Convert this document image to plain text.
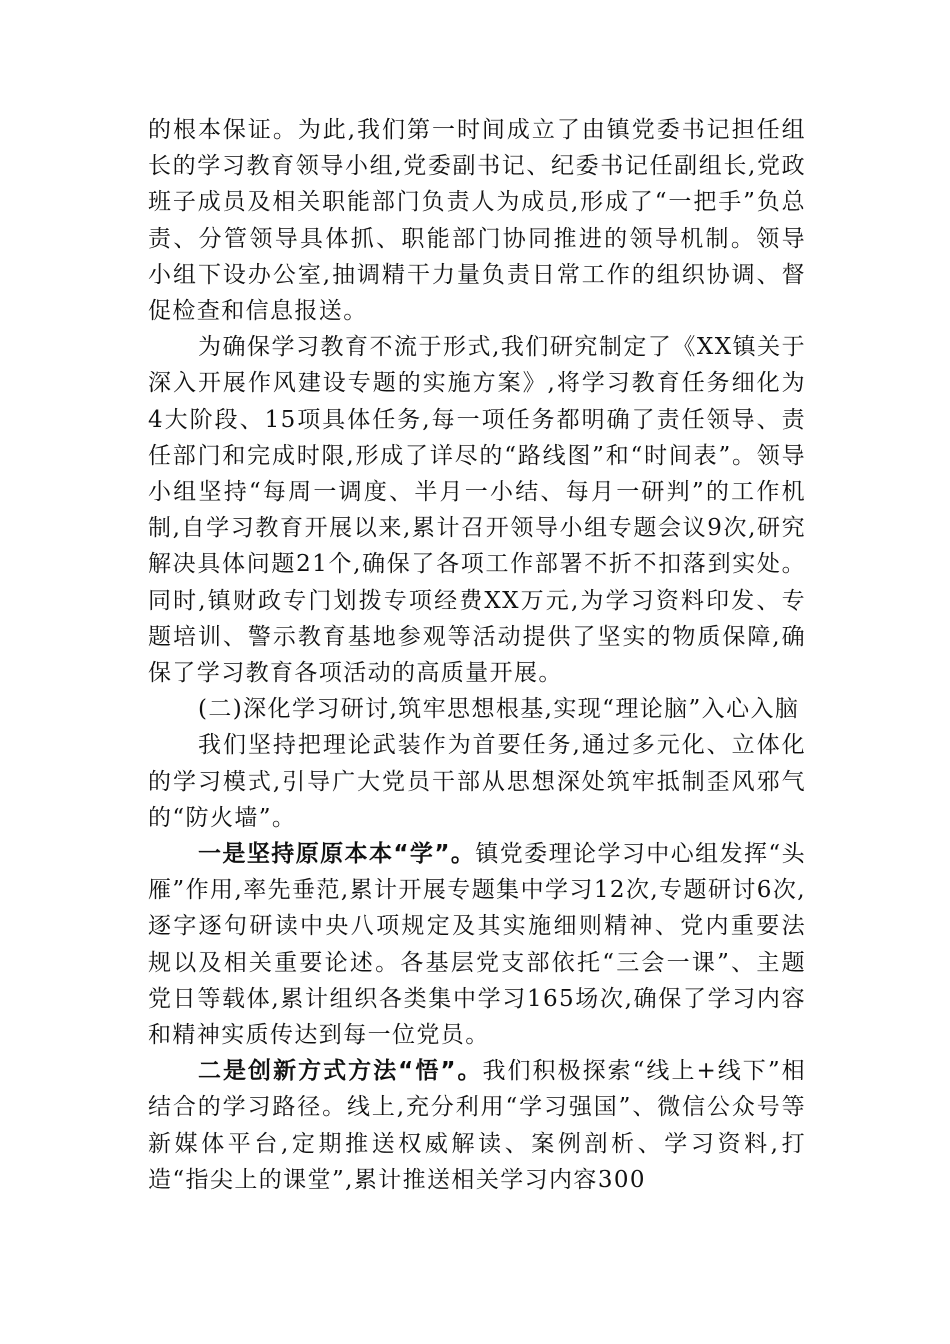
的根本保证。为此,我们第一时间成立了由镇党委书记担任组长的学习教育领导小组,党委副书记、纪委书记任副组长,党政班子成员及相关职能部门负责人为成员,形成了“一把手”负总责、分管领导具体抓、职能部门协同推进的领导机制。领导小组下设办公室,抽调精干力量负责日常工作的组织协调、督促检查和信息报送。

为确保学习教育不流于形式,我们研究制定了《XX镇关于深入开展作风建设专题的实施方案》,将学习教育任务细化为4大阶段、15项具体任务,每一项任务都明确了责任领导、责任部门和完成时限,形成了详尽的“路线图”和“时间表”。领导小组坚持“每周一调度、半月一小结、每月一研判”的工作机制,自学习教育开展以来,累计召开领导小组专题会议9次,研究解决具体问题21个,确保了各项工作部署不折不扣落到实处。同时,镇财政专门划拨专项经费XX万元,为学习资料印发、专题培训、警示教育基地参观等活动提供了坚实的物质保障,确保了学习教育各项活动的高质量开展。

(二)深化学习研讨,筑牢思想根基,实现“理论脑”入心入脑

我们坚持把理论武装作为首要任务,通过多元化、立体化的学习模式,引导广大党员干部从思想深处筑牢抵制歪风邪气的“防火墙”。

一是坚持原原本本“学”。镇党委理论学习中心组发挥“头雁”作用,率先垂范,累计开展专题集中学习12次,专题研讨6次,逐字逐句研读中央八项规定及其实施细则精神、党内重要法规以及相关重要论述。各基层党支部依托“三会一课”、主题党日等载体,累计组织各类集中学习165场次,确保了学习内容和精神实质传达到每一位党员。

二是创新方式方法“悟”。我们积极探索“线上+线下”相结合的学习路径。线上,充分利用“学习强国”、微信公众号等新媒体平台,定期推送权威解读、案例剖析、学习资料,打造“指尖上的课堂”,累计推送相关学习内容300
